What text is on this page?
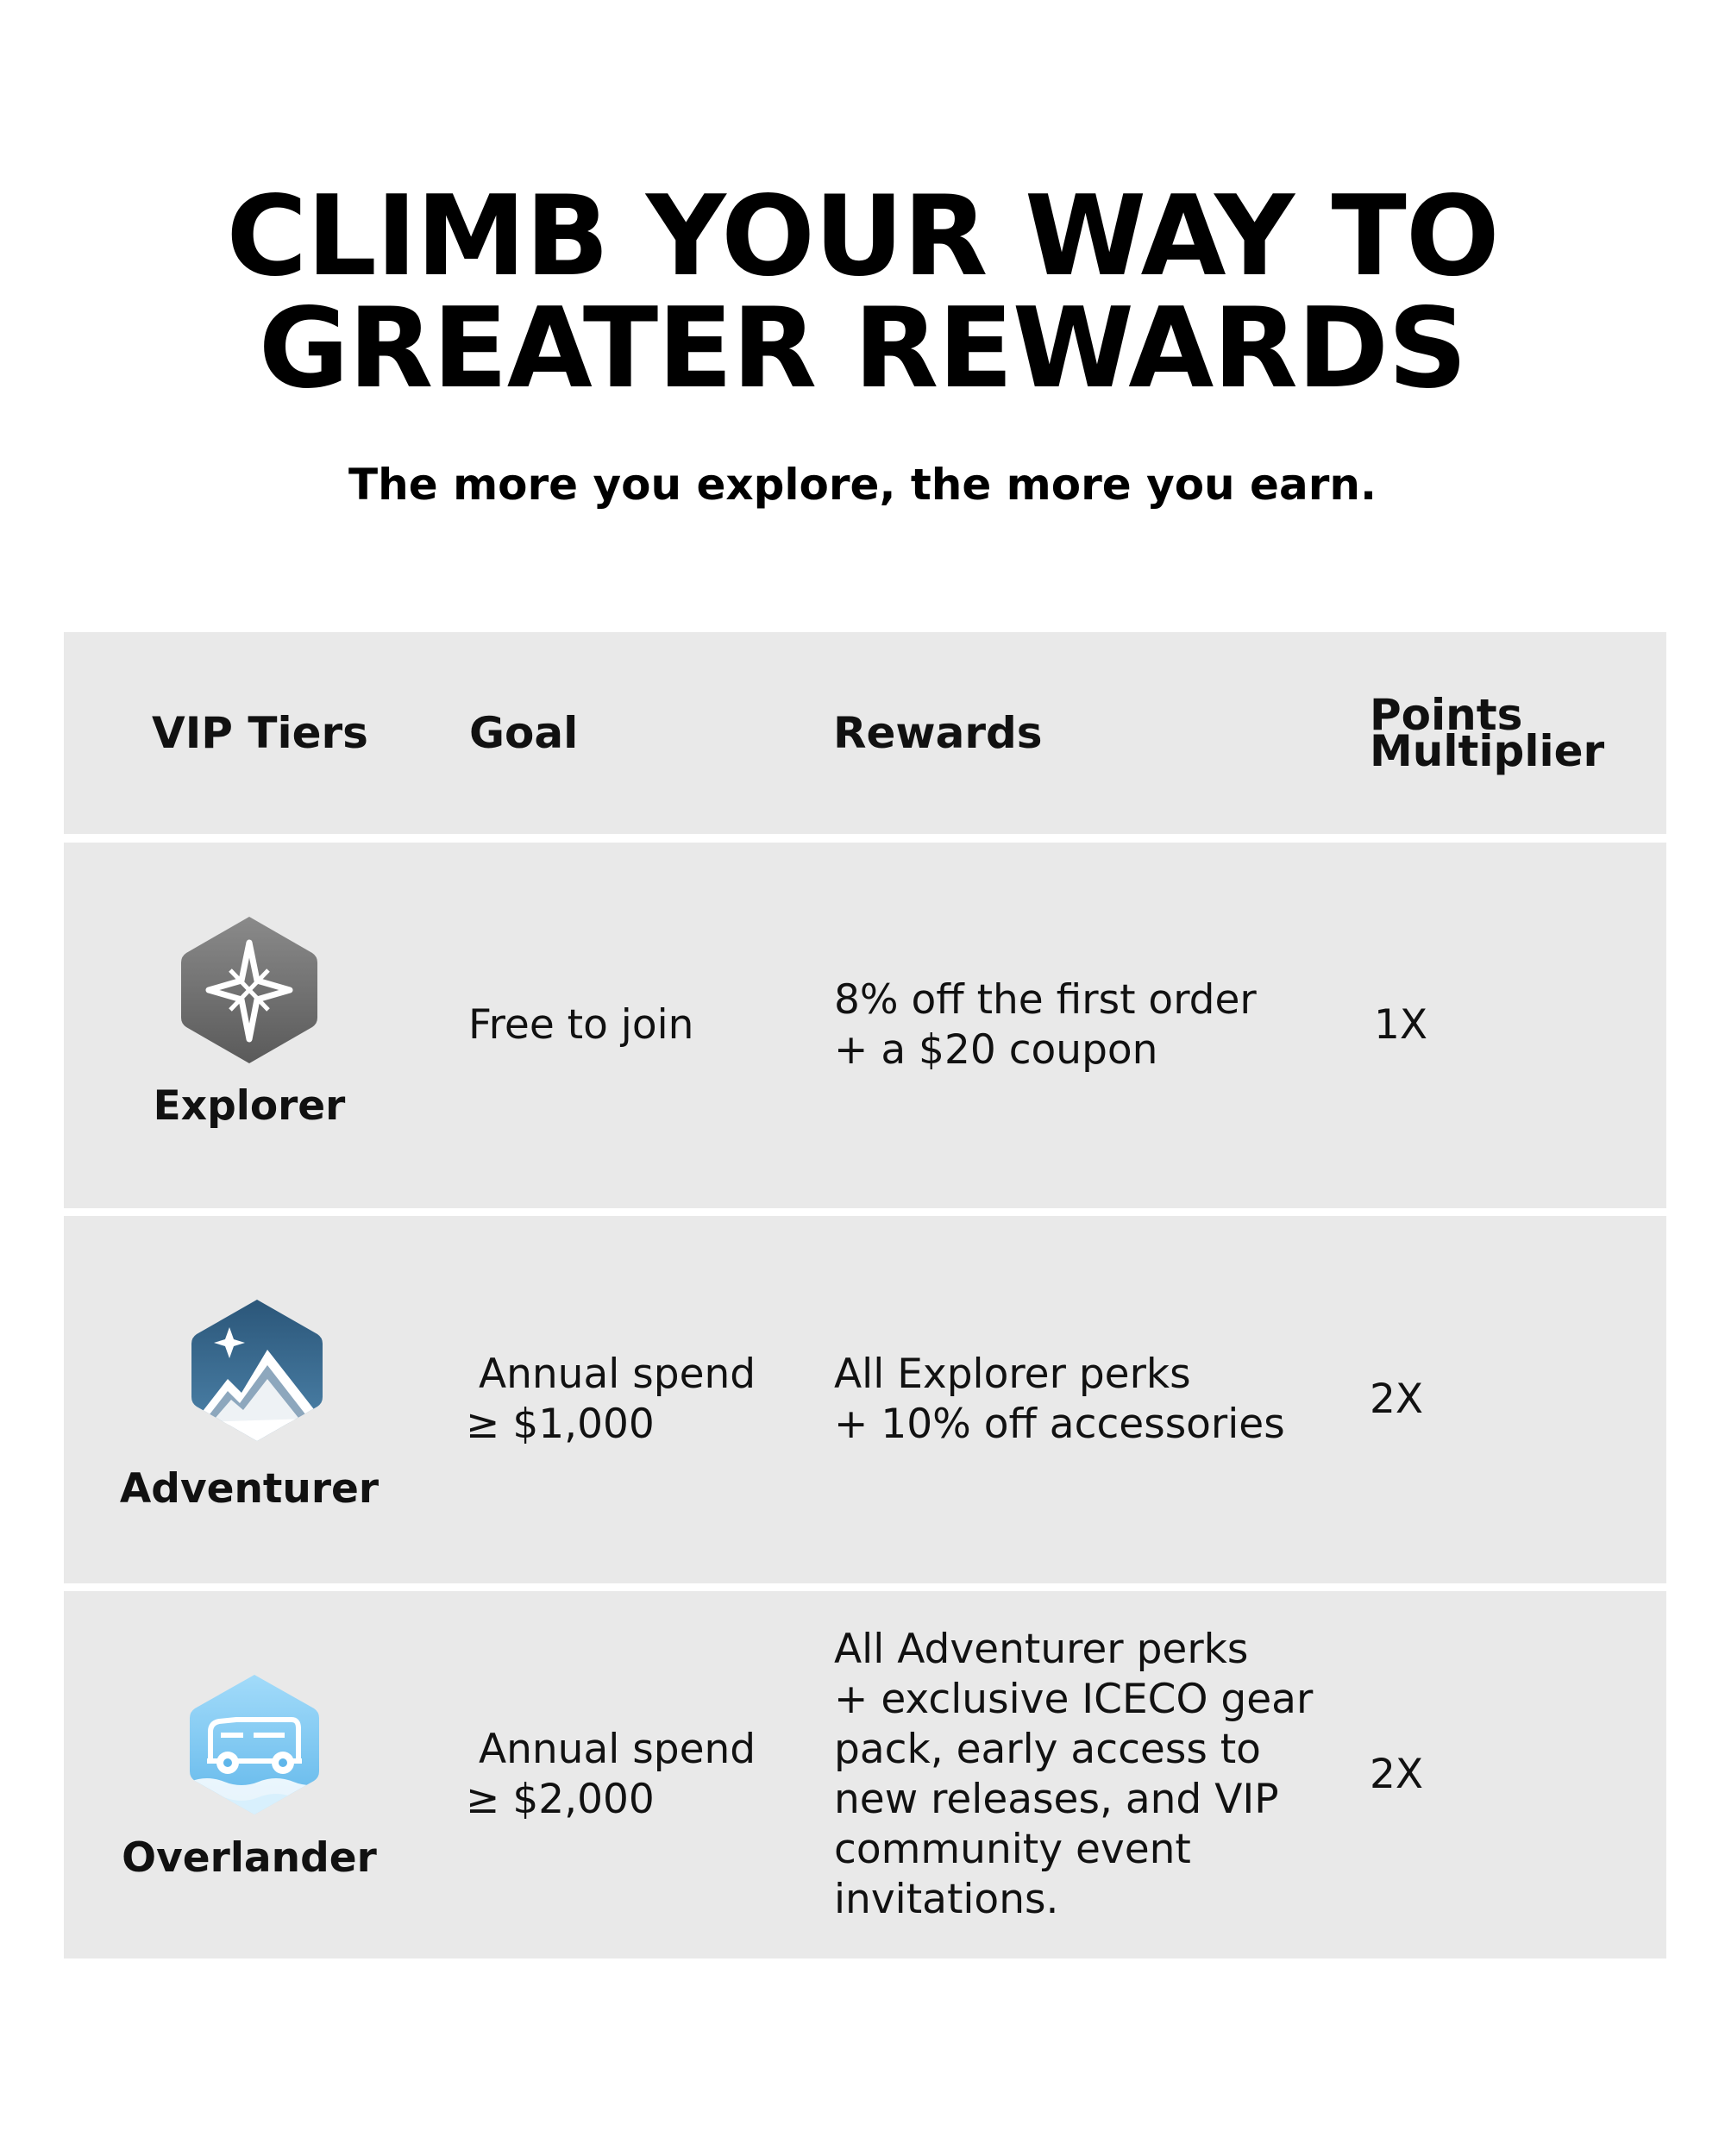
CLIMB YOUR WAY TO
GREATER REWARDS

The more you explore, the more you earn.

VIP Tiers Goal	Rewards	Points
Multiplier
Explorer
Free to join
8% off the first order
+ a $20 coupon
1X
Adventurer
Annual spend
≥ $1,000
All Explorer perks
+ 10% off accessories
2X
Overlander
Annual spend
≥ $2,000
All Adventurer perks
+ exclusive ICECO gear
pack, early access to
new releases, and VIP
community event
invitations.
2X
